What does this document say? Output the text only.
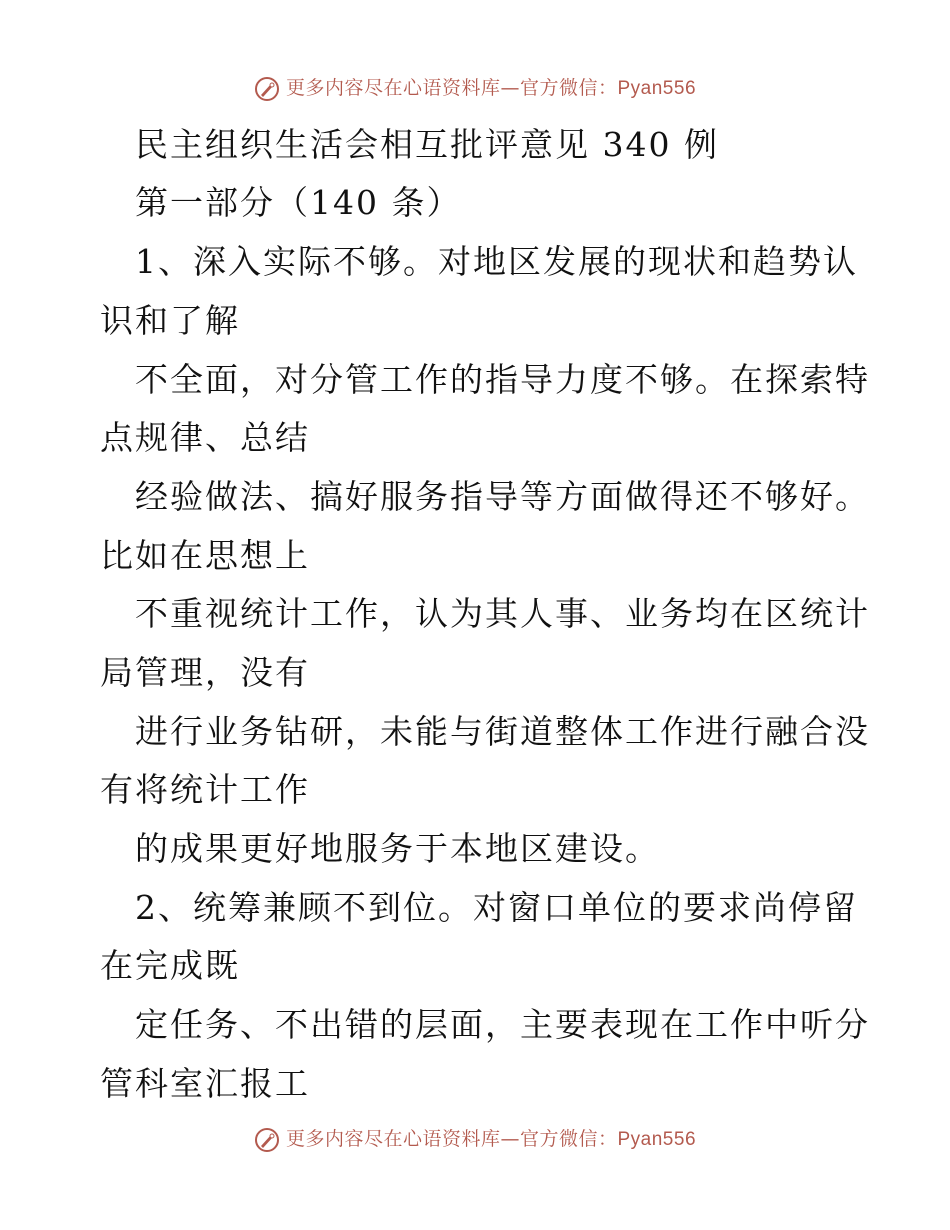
更多内容尽在心语资料库—官方微信：Pyan556
民主组织生活会相互批评意见 340 例
第一部分（140 条）
1、深入实际不够。对地区发展的现状和趋势认
识和了解
不全面，对分管工作的指导力度不够。在探索特
点规律、总结
经验做法、搞好服务指导等方面做得还不够好。
比如在思想上
不重视统计工作，认为其人事、业务均在区统计
局管理，没有
进行业务钻研，未能与街道整体工作进行融合没
有将统计工作
的成果更好地服务于本地区建设。
2、统筹兼顾不到位。对窗口单位的要求尚停留
在完成既
定任务、不出错的层面，主要表现在工作中听分
管科室汇报工
更多内容尽在心语资料库—官方微信：Pyan556
